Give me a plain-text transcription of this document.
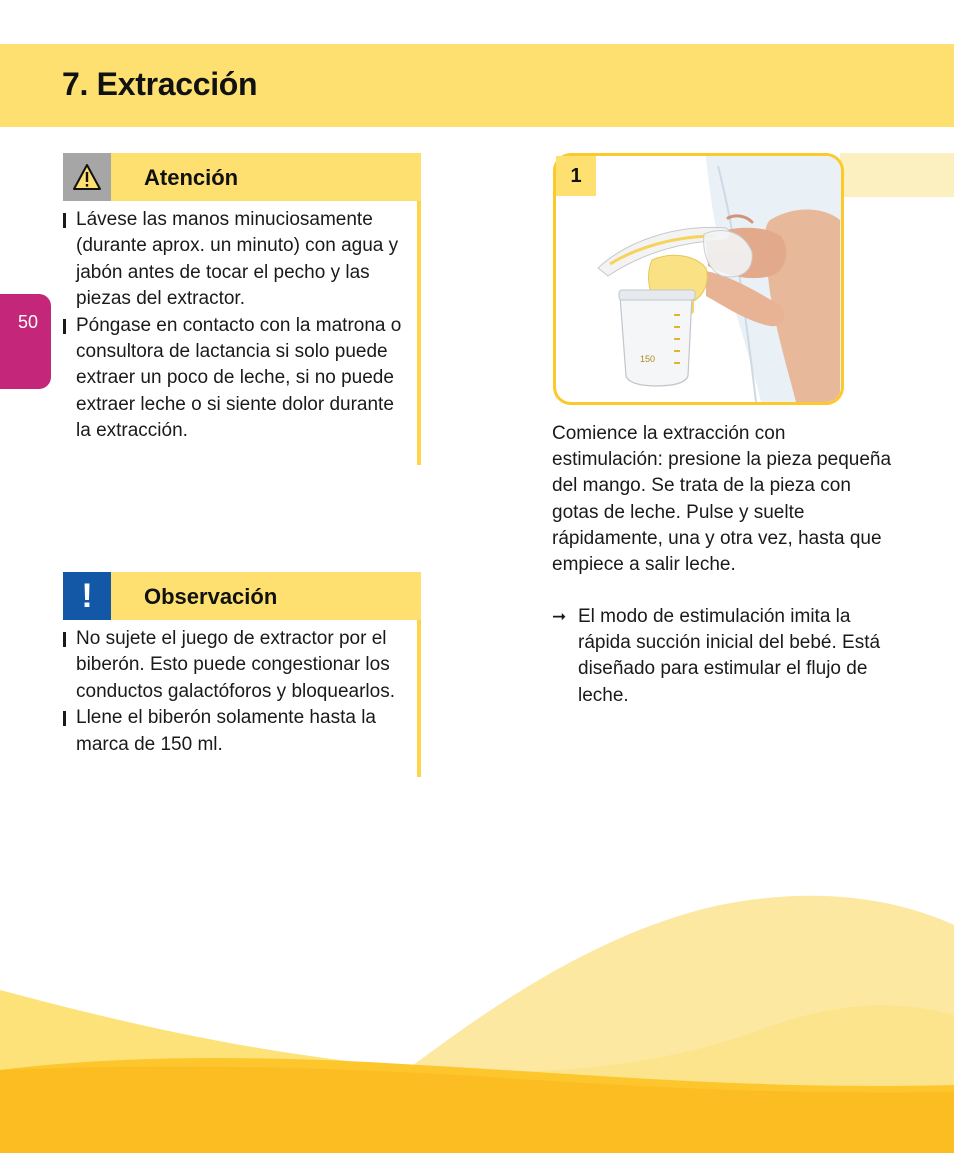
7. Extracción
50
Atención
Lávese las manos minuciosamente (durante aprox. un minuto) con agua y jabón antes de tocar el pecho y las piezas del extractor.
Póngase en contacto con la matrona o consultora de lactancia si solo puede extraer un poco de leche, si no puede extraer leche o si siente dolor durante la extracción.
! Observación
No sujete el juego de extractor por el biberón. Esto puede congestionar los conductos galactóforos y bloquearlos.
Llene el biberón solamente hasta la marca de 150 ml.
150
1

Comience la extracción con estimulación: presione la pieza pequeña del mango. Se trata de la pieza con gotas de leche. Pulse y suelte rápidamente, una y otra vez, hasta que empiece a salir leche.

➞ El modo de estimulación imita la rápida succión inicial del bebé. Está diseñado para estimular el flujo de leche.
